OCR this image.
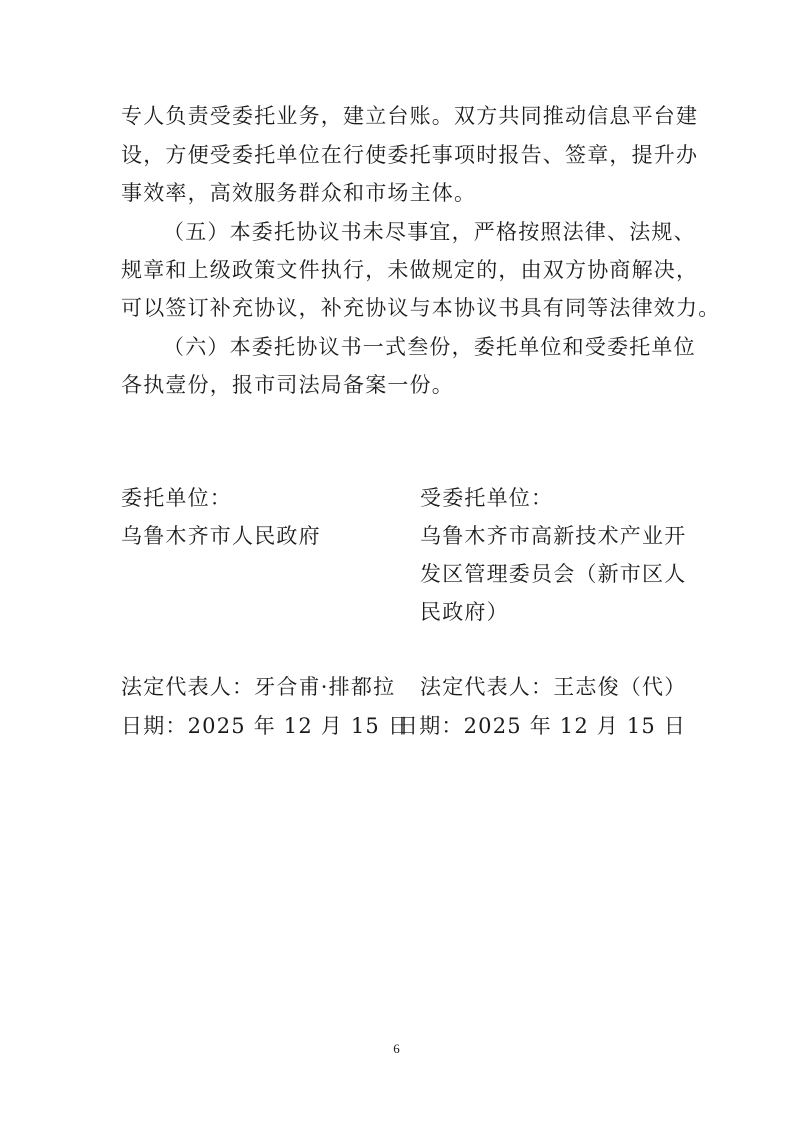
专人负责受委托业务，建立台账。双方共同推动信息平台建
设，方便受委托单位在行使委托事项时报告、签章，提升办
事效率，高效服务群众和市场主体。
（五）本委托协议书未尽事宜，严格按照法律、法规、
规章和上级政策文件执行，未做规定的，由双方协商解决，
可以签订补充协议，补充协议与本协议书具有同等法律效力。
（六）本委托协议书一式叁份，委托单位和受委托单位
各执壹份，报市司法局备案一份。
委托单位：
乌鲁木齐市人民政府
受委托单位：
乌鲁木齐市高新技术产业开
发区管理委员会（新市区人
民政府）
法定代表人：牙合甫·排都拉 法定代表人：王志俊（代）
日期：2025 年 12 月 15 日
日期：2025 年 12 月 15 日
6
